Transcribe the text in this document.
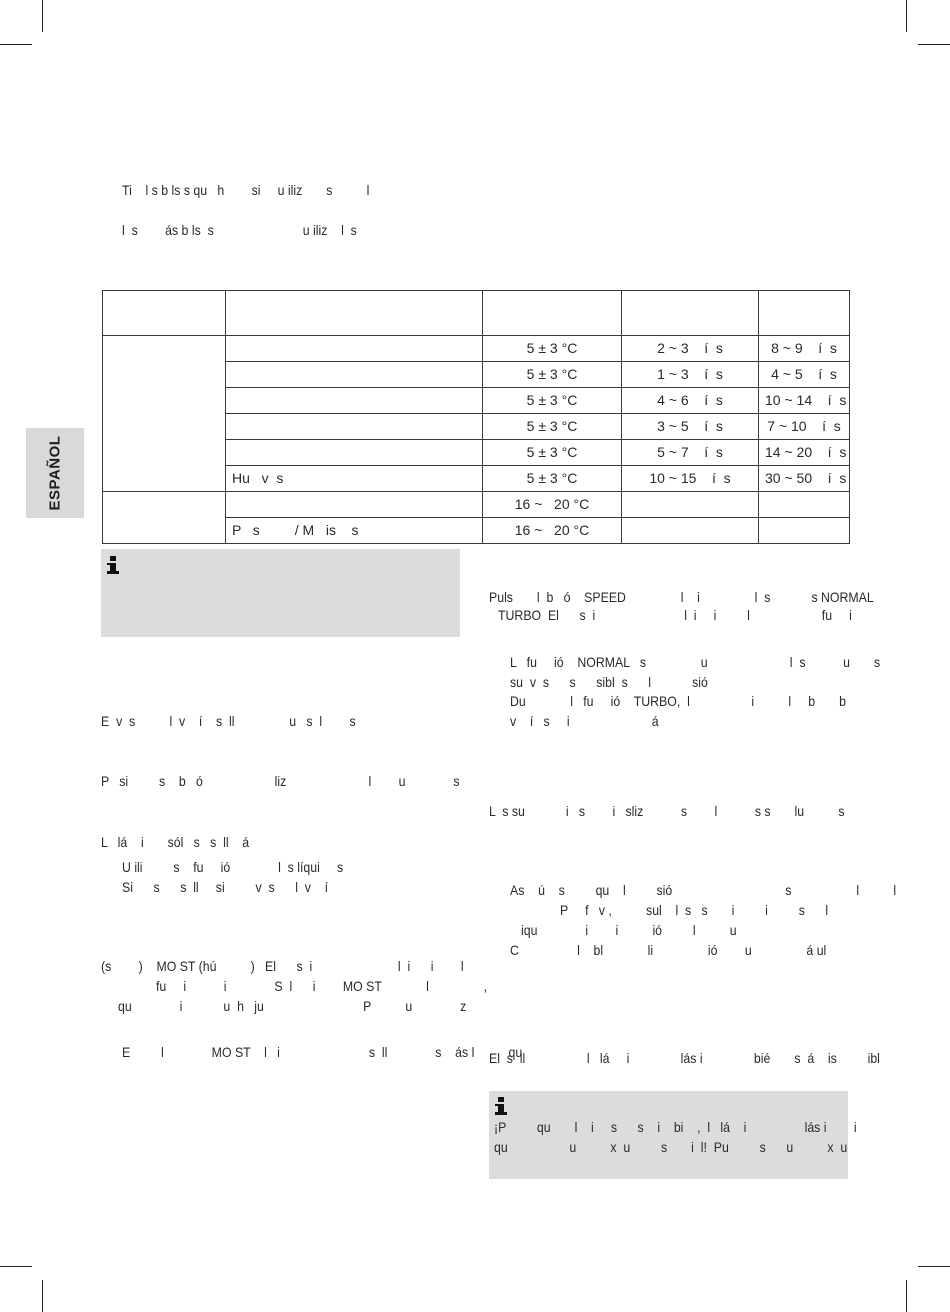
ESPAÑOL
Ti    l s b ls s qu   h        si     u iliz       s          l
l  s        ás b ls  s                          u iliz    l  s

		5 ± 3 °C	2 ~ 3    í  s	8 ~ 9    í  s
		5 ± 3 °C	1 ~ 3    í  s	4 ~ 5    í  s
		5 ± 3 °C	4 ~ 6    í  s	10 ~ 14    í  s
		5 ± 3 °C	3 ~ 5    í  s	7 ~ 10    í  s
		5 ± 3 °C	5 ~ 7    í  s	14 ~ 20    í  s
	Hu   v  s	5 ± 3 °C	10 ~ 15    í  s	30 ~ 50    í  s
		16 ~   20 °C		
	P   s         / M   is    s	16 ~   20 °C		
E  v  s          l  v    í    s  ll                u   s  l        s
P   si         s    b   ó                     liz                        l        u              s
L   lá    i       sól   s   s  ll    á
U ili         s    fu     ió              l  s líqui     s
Si      s      s  ll     si         v  s      l  v    í
(s        )    MO ST (hú          )   El      s  i                         l  i      i        l
fu     i           i              S  l      i        MO ST             l                ,
qu              i            u  h   ju                             P          u              z
E         l              MO ST    l   i                          s  ll              s    ás l          qu
Puls       l  b   ó    SPEED                l    i                l  s            s NORMAL
TURBO  El      s  i                          l  i     i         l                     fu     i
L   fu     ió    NORMAL   s                u                        l  s           u       s
su  v  s      s      sibl  s      l            sió
Du             l   fu     ió    TURBO,  l                  i          l     b       b
v    í   s     i                        á
L  s su            i   s        i   sliz           s        l           s s       lu          s
As    ú    s         qu    l         sió                                 s                   l          l
P     f   v ,          sul    l  s   s       i         i         s      l
iqu              i        i          ió         l          u
C                 l    bl             li                ió        u                á ul
El  s  ll                  l   lá     i               lás i               bié       s  á    is         ibl
¡P         qu       l    i     s      s    i    bi    ,  l   lá    i                 lás i        i
qu                  u          x  u         s       i  l!  Pu         s      u          x  u
